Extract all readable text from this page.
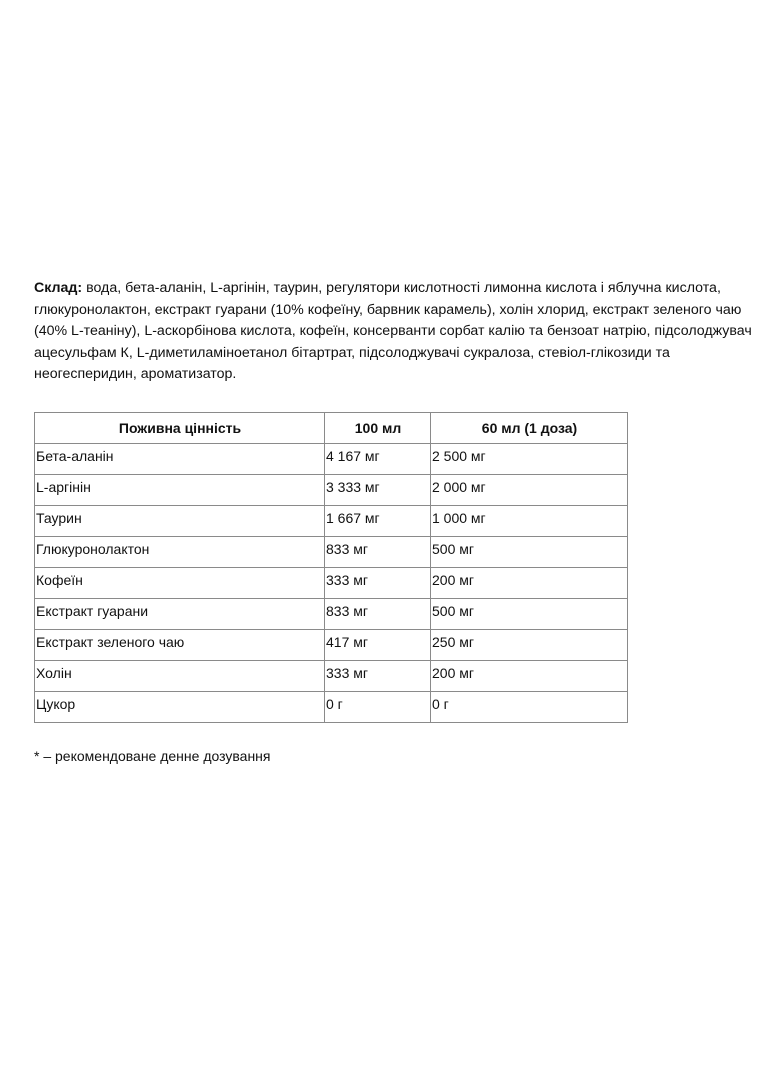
Склад: вода, бета-аланін, L-аргінін, таурин, регулятори кислотності лимонна кислота і яблучна кислота, глюкуронолактон, екстракт гуарани (10% кофеїну, барвник карамель), холін хлорид, екстракт зеленого чаю (40% L-теаніну), L-аскорбінова кислота, кофеїн, консерванти сорбат калію та бензоат натрію, підсолоджувач ацесульфам К, L-диметиламіноетанол бітартрат, підсолоджувачі сукралоза, стевіол-глікозиди та неогесперидин, ароматизатор.

Поживна цінність	100 мл	60 мл (1 доза)
Бета-аланін	4 167 мг	2 500 мг
L-аргінін	3 333 мг	2 000 мг
Таурин	1 667 мг	1 000 мг
Глюкуронолактон	833 мг	500 мг
Кофеїн	333 мг	200 мг
Екстракт гуарани	833 мг	500 мг
Екстракт зеленого чаю	417 мг	250 мг
Холін	333 мг	200 мг
Цукор	0 г	0 г

* – рекомендоване денне дозування
